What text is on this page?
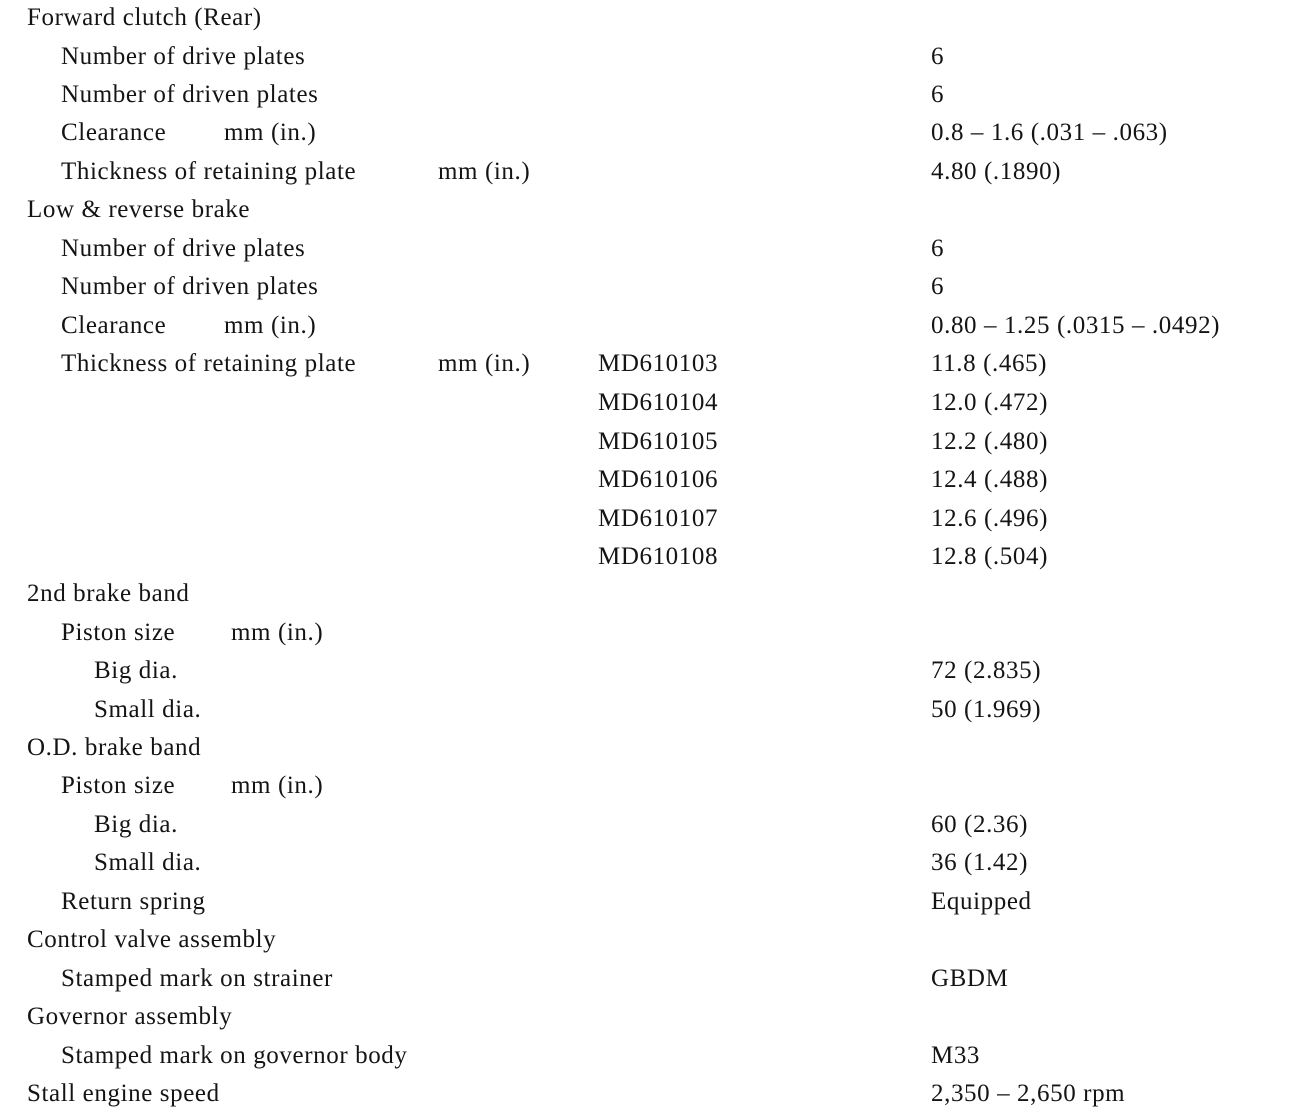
Forward clutch (Rear)
Number of drive plates	6
Number of driven plates	6
Clearance mm (in.)	0.8 – 1.6 (.031 – .063)
Thickness of retaining plate	mm (in.)	4.80 (.1890)
Low & reverse brake
Number of drive plates	6
Number of driven plates	6
Clearance mm (in.)	0.80 – 1.25 (.0315 – .0492)
Thickness of retaining plate	mm (in.)	MD610103	11.8 (.465)
MD610104	12.0 (.472)
MD610105	12.2 (.480)
MD610106	12.4 (.488)
MD610107	12.6 (.496)
MD610108	12.8 (.504)
2nd brake band
Piston size mm (in.)
Big dia.	72 (2.835)
Small dia.	50 (1.969)
O.D. brake band
Piston size mm (in.)
Big dia.	60 (2.36)
Small dia.	36 (1.42)
Return spring	Equipped
Control valve assembly
Stamped mark on strainer	GBDM
Governor assembly
Stamped mark on governor body	M33
Stall engine speed	2,350 – 2,650 rpm
